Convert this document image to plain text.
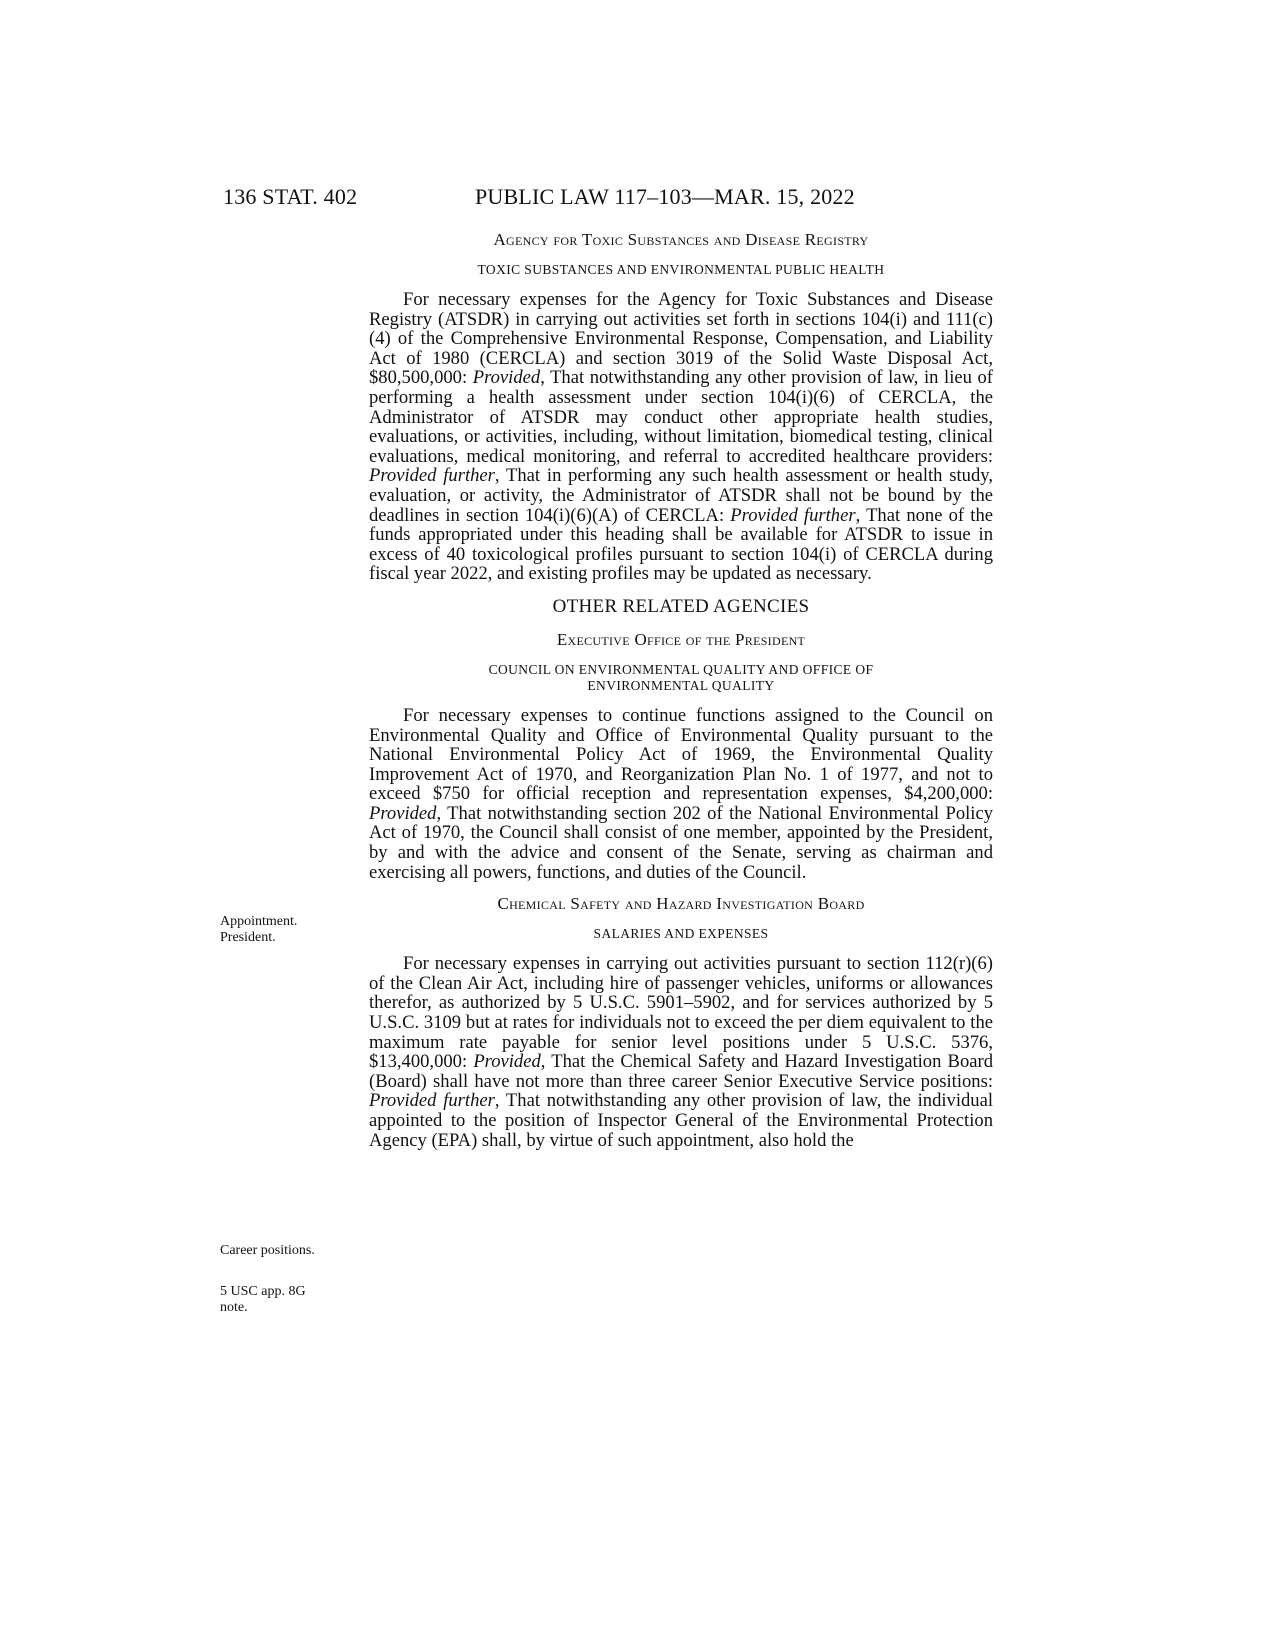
136 STAT. 402	PUBLIC LAW 117–103—MAR. 15, 2022
Appointment.
President.
Career positions.
5 USC app. 8G
note.
Agency for Toxic Substances and Disease Registry
TOXIC SUBSTANCES AND ENVIRONMENTAL PUBLIC HEALTH

For necessary expenses for the Agency for Toxic Substances and Disease Registry (ATSDR) in carrying out activities set forth in sections 104(i) and 111(c)(4) of the Comprehensive Environmental Response, Compensation, and Liability Act of 1980 (CERCLA) and section 3019 of the Solid Waste Disposal Act, $80,500,000: Provided, That notwithstanding any other provision of law, in lieu of performing a health assessment under section 104(i)(6) of CERCLA, the Administrator of ATSDR may conduct other appropriate health studies, evaluations, or activities, including, without limitation, biomedical testing, clinical evaluations, medical monitoring, and referral to accredited healthcare providers: Provided further, That in performing any such health assessment or health study, evaluation, or activity, the Administrator of ATSDR shall not be bound by the deadlines in section 104(i)(6)(A) of CERCLA: Provided further, That none of the funds appropriated under this heading shall be available for ATSDR to issue in excess of 40 toxicological profiles pursuant to section 104(i) of CERCLA during fiscal year 2022, and existing profiles may be updated as necessary.

OTHER RELATED AGENCIES
Executive Office of the President
COUNCIL ON ENVIRONMENTAL QUALITY AND OFFICE OF
ENVIRONMENTAL QUALITY

For necessary expenses to continue functions assigned to the Council on Environmental Quality and Office of Environmental Quality pursuant to the National Environmental Policy Act of 1969, the Environmental Quality Improvement Act of 1970, and Reorganization Plan No. 1 of 1977, and not to exceed $750 for official reception and representation expenses, $4,200,000: Provided, That notwithstanding section 202 of the National Environmental Policy Act of 1970, the Council shall consist of one member, appointed by the President, by and with the advice and consent of the Senate, serving as chairman and exercising all powers, functions, and duties of the Council.

Chemical Safety and Hazard Investigation Board
SALARIES AND EXPENSES

For necessary expenses in carrying out activities pursuant to section 112(r)(6) of the Clean Air Act, including hire of passenger vehicles, uniforms or allowances therefor, as authorized by 5 U.S.C. 5901–5902, and for services authorized by 5 U.S.C. 3109 but at rates for individuals not to exceed the per diem equivalent to the maximum rate payable for senior level positions under 5 U.S.C. 5376, $13,400,000: Provided, That the Chemical Safety and Hazard Investigation Board (Board) shall have not more than three career Senior Executive Service positions: Provided further, That notwithstanding any other provision of law, the individual appointed to the position of Inspector General of the Environmental Protection Agency (EPA) shall, by virtue of such appointment, also hold the
